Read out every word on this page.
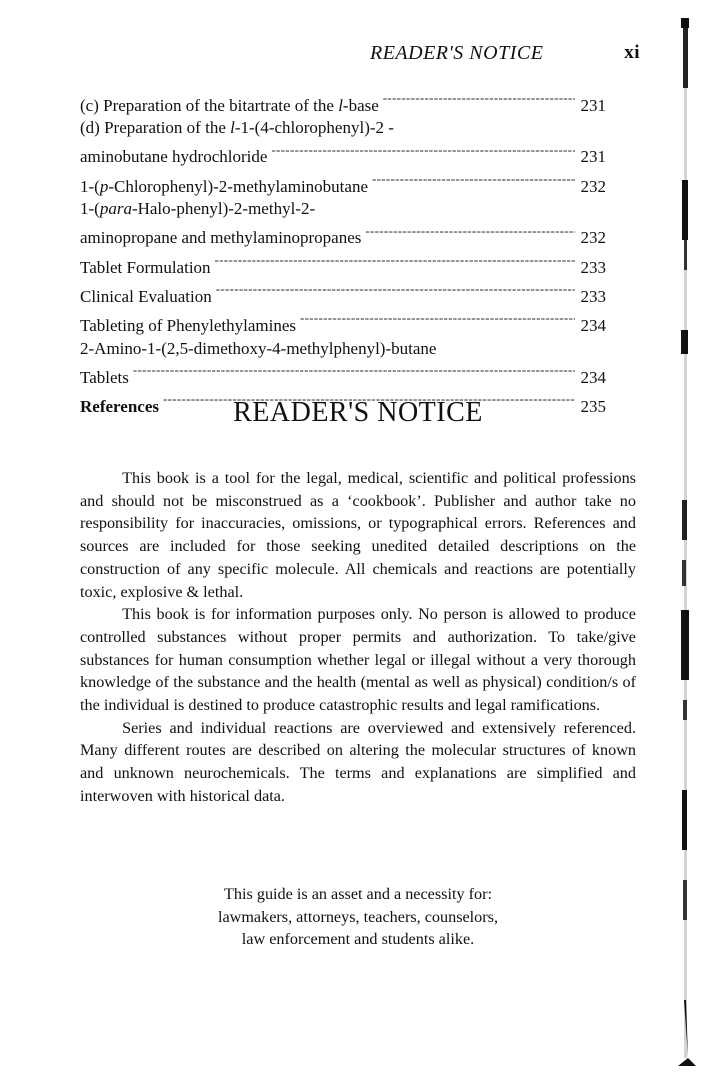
READER'S NOTICE	xi
(c) Preparation of the bitartrate of the l-base -----	231
(d) Preparation of the l-1-(4-chlorophenyl)-2 -
aminobutane hydrochloride -----	231
1-(p-Chlorophenyl)-2-methylaminobutane -----	232
1-(para-Halo-phenyl)-2-methyl-2-
aminopropane and methylaminopropanes -----	232
Tablet Formulation -----	233
Clinical Evaluation -----	233
Tableting of Phenylethylamines -----	234
2-Amino-1-(2,5-dimethoxy-4-methylphenyl)-butane
Tablets -----	234
References -----	235
READER'S NOTICE

This book is a tool for the legal, medical, scientific and political professions and should not be misconstrued as a ‘cookbook’. Publisher and author take no responsibility for inaccuracies, omissions, or typographical errors. References and sources are included for those seeking unedited detailed descriptions on the construction of any specific molecule. All chemicals and reactions are potentially toxic, explosive & lethal.

This book is for information purposes only. No person is allowed to produce controlled substances without proper permits and authorization. To take/give substances for human consumption whether legal or illegal without a very thorough knowledge of the substance and the health (mental as well as physical) condition/s of the individual is destined to produce catastrophic results and legal ramifications.

Series and individual reactions are overviewed and extensively referenced. Many different routes are described on altering the molecular structures of known and unknown neurochemicals. The terms and explanations are simplified and interwoven with historical data.

This guide is an asset and a necessity for:
lawmakers, attorneys, teachers, counselors,
law enforcement and students alike.
